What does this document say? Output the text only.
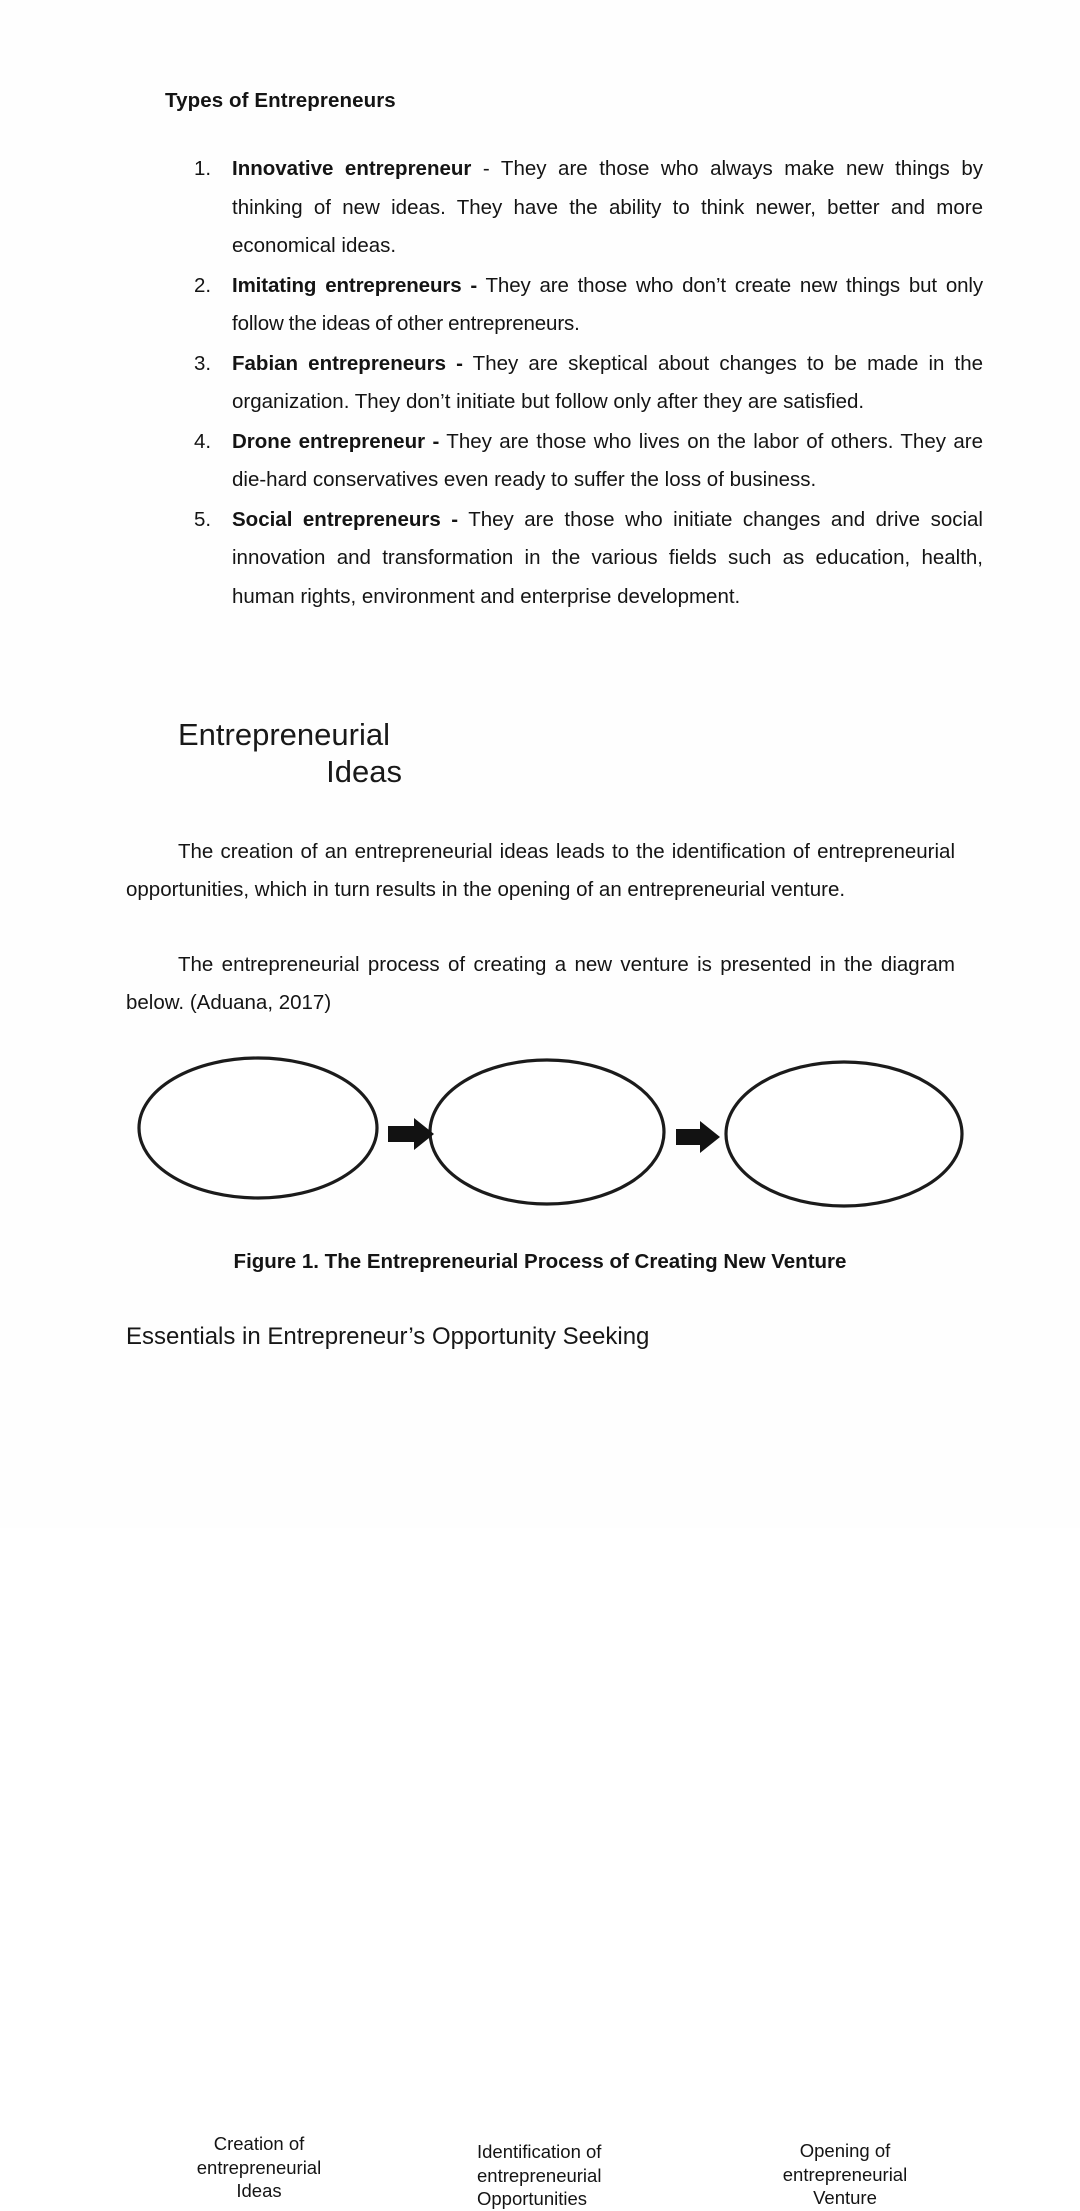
Types of Entrepreneurs
1. Innovative entrepreneur - They are those who always make new things by thinking of new ideas. They have the ability to think newer, better and more economical ideas.
2. Imitating entrepreneurs - They are those who don’t create new things but only follow the ideas of other entrepreneurs.
3. Fabian entrepreneurs - They are skeptical about changes to be made in the organization. They don’t initiate but follow only after they are satisfied.
4. Drone entrepreneur - They are those who lives on the labor of others. They are die-hard conservatives even ready to suffer the loss of business.
5. Social entrepreneurs - They are those who initiate changes and drive social innovation and transformation in the various fields such as education, health, human rights, environment and enterprise development.
Entrepreneurial
Ideas
The creation of an entrepreneurial ideas leads to the identification of entrepreneurial opportunities, which in turn results in the opening of an entrepreneurial venture.
The entrepreneurial process of creating a new venture is presented in the diagram below. (Aduana, 2017)
Creation of
entrepreneurial
Ideas
Identification of
entrepreneurial
Opportunities
Opening of
entrepreneurial
Venture
Figure 1. The Entrepreneurial Process of Creating New Venture
Essentials in Entrepreneur’s Opportunity Seeking
